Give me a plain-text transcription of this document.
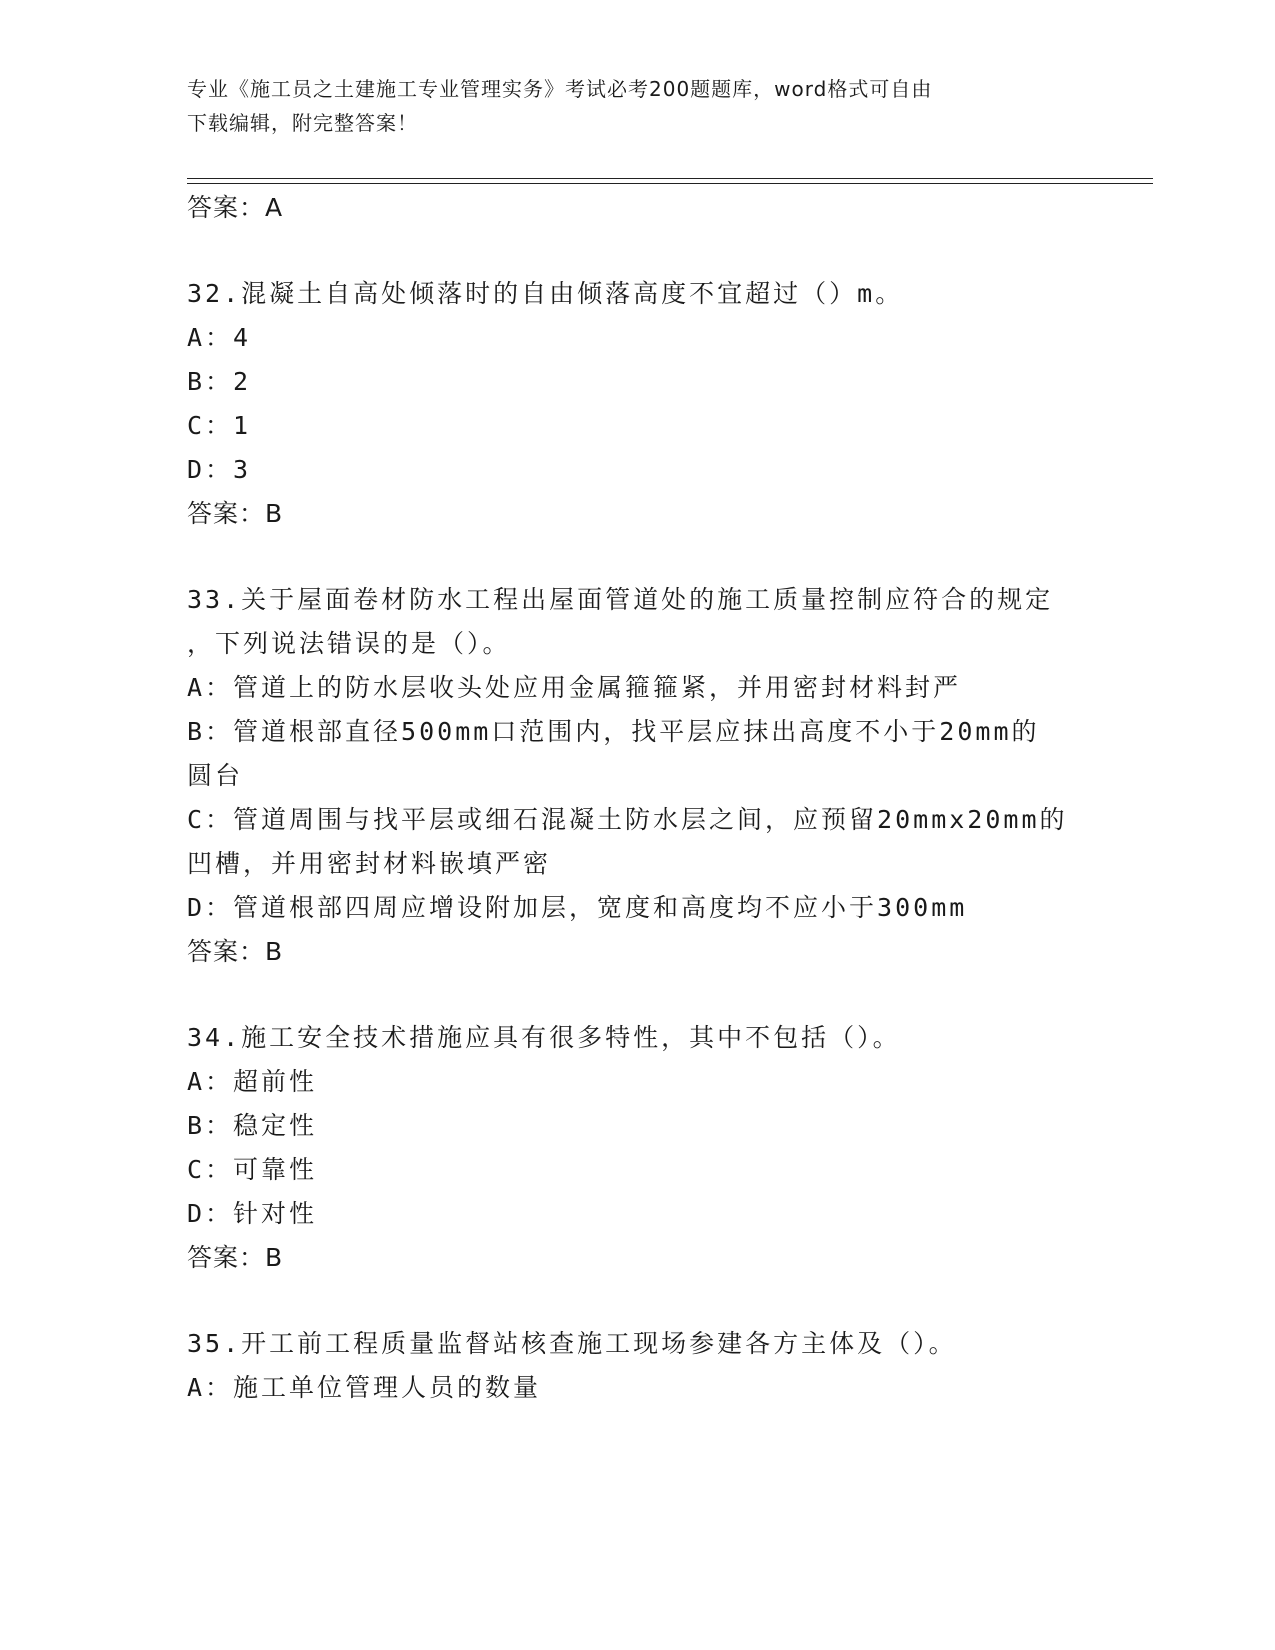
专业《施工员之土建施工专业管理实务》考试必考200题题库，word格式可自由
下载编辑，附完整答案！
答案：A
32.混凝土自高处倾落时的自由倾落高度不宜超过（）m。
A：4
B：2
C：1
D：3
答案：B
33.关于屋面卷材防水工程出屋面管道处的施工质量控制应符合的规定
，下列说法错误的是（）。
A：管道上的防水层收头处应用金属箍箍紧，并用密封材料封严
B：管道根部直径500mm口范围内，找平层应抹出高度不小于20mm的
圆台
C：管道周围与找平层或细石混凝土防水层之间，应预留20mmx20mm的
凹槽，并用密封材料嵌填严密
D：管道根部四周应增设附加层，宽度和高度均不应小于300mm
答案：B
34.施工安全技术措施应具有很多特性，其中不包括（）。
A：超前性
B：稳定性
C：可靠性
D：针对性
答案：B
35.开工前工程质量监督站核查施工现场参建各方主体及（）。
A：施工单位管理人员的数量
